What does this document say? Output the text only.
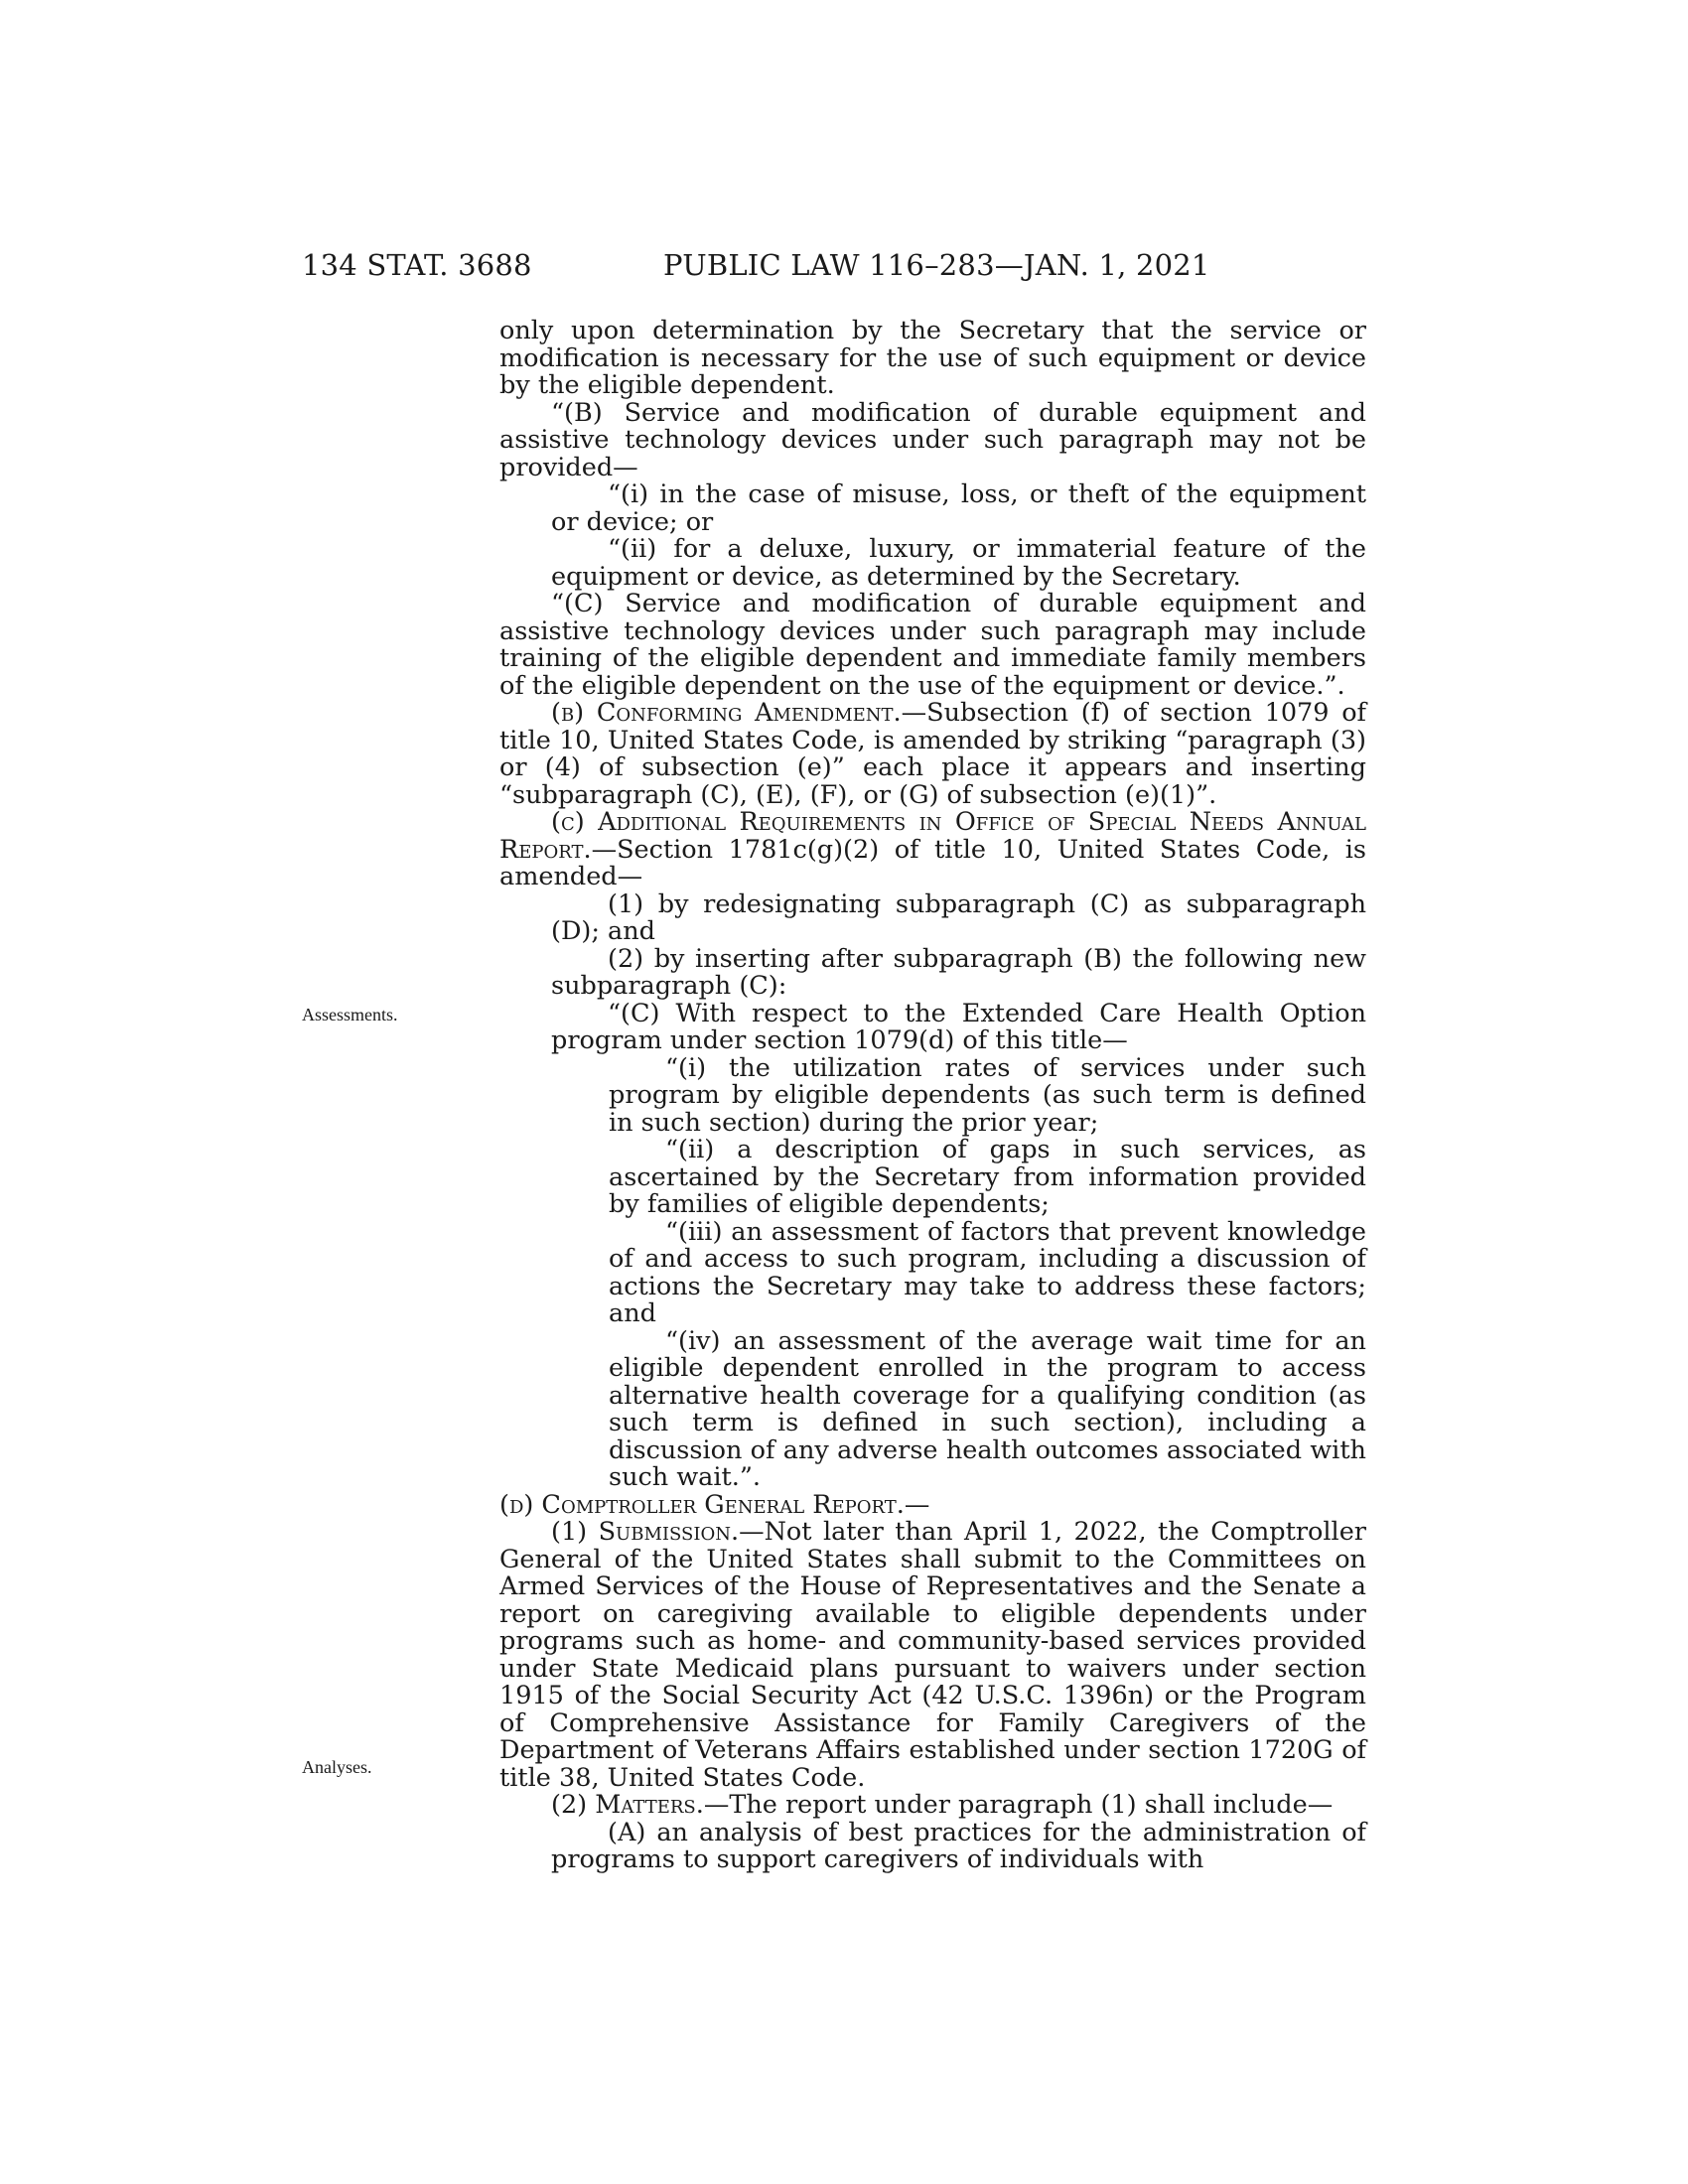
134 STAT. 3688	PUBLIC LAW 116–283—JAN. 1, 2021
Assessments.
Analyses.

only upon determination by the Secretary that the service or modification is necessary for the use of such equipment or device by the eligible dependent.

“(B) Service and modification of durable equipment and assistive technology devices under such paragraph may not be provided—

“(i) in the case of misuse, loss, or theft of the equipment or device; or

“(ii) for a deluxe, luxury, or immaterial feature of the equipment or device, as determined by the Secretary.

“(C) Service and modification of durable equipment and assistive technology devices under such paragraph may include training of the eligible dependent and immediate family members of the eligible dependent on the use of the equipment or device.”.

(b) Conforming Amendment.—Subsection (f) of section 1079 of title 10, United States Code, is amended by striking “paragraph (3) or (4) of subsection (e)” each place it appears and inserting “subparagraph (C), (E), (F), or (G) of subsection (e)(1)”.

(c) Additional Requirements in Office of Special Needs Annual Report.—Section 1781c(g)(2) of title 10, United States Code, is amended—

(1) by redesignating subparagraph (C) as subparagraph (D); and

(2) by inserting after subparagraph (B) the following new subparagraph (C):

“(C) With respect to the Extended Care Health Option program under section 1079(d) of this title—

“(i) the utilization rates of services under such program by eligible dependents (as such term is defined in such section) during the prior year;

“(ii) a description of gaps in such services, as ascertained by the Secretary from information provided by families of eligible dependents;

“(iii) an assessment of factors that prevent knowledge of and access to such program, including a discussion of actions the Secretary may take to address these factors; and

“(iv) an assessment of the average wait time for an eligible dependent enrolled in the program to access alternative health coverage for a qualifying condition (as such term is defined in such section), including a discussion of any adverse health outcomes associated with such wait.”.

(d) Comptroller General Report.—

(1) Submission.—Not later than April 1, 2022, the Comptroller General of the United States shall submit to the Committees on Armed Services of the House of Representatives and the Senate a report on caregiving available to eligible dependents under programs such as home- and community-based services provided under State Medicaid plans pursuant to waivers under section 1915 of the Social Security Act (42 U.S.C. 1396n) or the Program of Comprehensive Assistance for Family Caregivers of the Department of Veterans Affairs established under section 1720G of title 38, United States Code.

(2) Matters.—The report under paragraph (1) shall include—

(A) an analysis of best practices for the administration of programs to support caregivers of individuals with
